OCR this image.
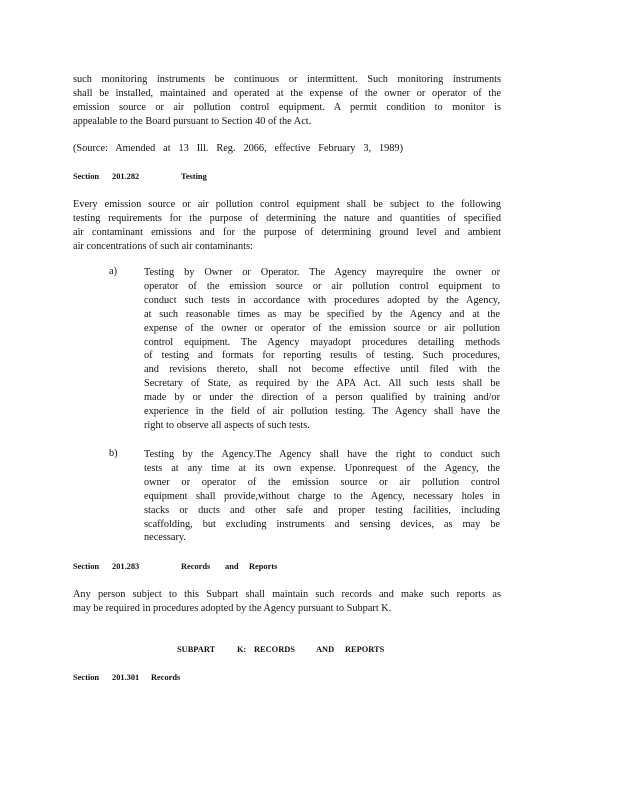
such monitoring instruments be continuous or intermittent. Such monitoring instruments
shall be installed, maintained and operated at the expense of the owner or operator of the
emission source or air pollution control equipment. A permit condition to monitor is
appealable to the Board pursuant to Section 40 of the Act.
(Source: Amended at 13 Ill. Reg. 2066, effective February 3, 1989)
Section 201.282	Testing
Every emission source or air pollution control equipment shall be subject to the following
testing requirements for the purpose of determining the nature and quantities of specified
air contaminant emissions and for the purpose of determining ground level and ambient
air concentrations of such air contaminants:
a)	Testing by Owner or Operator. The Agency mayrequire the owner or
operator of the emission source or air pollution control equipment to
conduct such tests in accordance with procedures adopted by the Agency,
at such reasonable times as may be specified by the Agency and at the
expense of the owner or operator of the emission source or air pollution
control equipment. The Agency mayadopt procedures detailing methods
of testing and formats for reporting results of testing. Such procedures,
and revisions thereto, shall not become effective until filed with the
Secretary of State, as required by the APA Act. All such tests shall be
made by or under the direction of a person qualified by training and/or
experience in the field of air pollution testing. The Agency shall have the
right to observe all aspects of such tests.
b)	Testing by the Agency.The Agency shall have the right to conduct such
tests at any time at its own expense. Uponrequest of the Agency, the
owner or operator of the emission source or air pollution control
equipment shall provide,without charge to the Agency, necessary holes in
stacks or ducts and other safe and proper testing facilities, including
scaffolding, but excluding instruments and sensing devices, as may be
necessary.
Section 201.283	Records and Reports
Any person subject to this Subpart shall maintain such records and make such reports as
may be required in procedures adopted by the Agency pursuant to Subpart K.
SUBPART	K: RECORDS	AND REPORTS
Section 201.301 Records
